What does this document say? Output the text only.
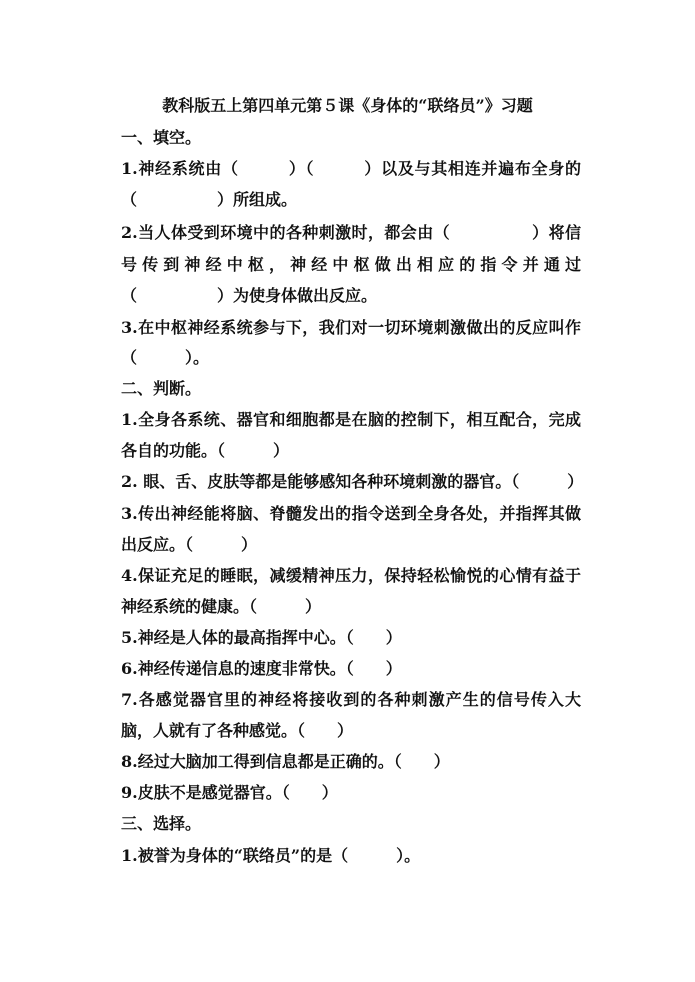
教科版五上第四单元第５课《身体的“联络员”》习题
一、填空。
1.神经系统由（　　　）（　　　）以及与其相连并遍布全身的
（　　　　　）所组成。
2.当人体受到环境中的各种刺激时，都会由（　　　　　）将信
号传到神经中枢，神经中枢做出相应的指令并通过
（　　　　　）为使身体做出反应。
3.在中枢神经系统参与下，我们对一切环境刺激做出的反应叫作
（　　　）。
二、判断。
1.全身各系统、器官和细胞都是在脑的控制下，相互配合，完成
各自的功能。（　　　）
2. 眼、舌、皮肤等都是能够感知各种环境刺激的器官。（　　　）
3.传出神经能将脑、脊髓发出的指令送到全身各处，并指挥其做
出反应。（　　　）
4.保证充足的睡眠，减缓精神压力，保持轻松愉悦的心情有益于
神经系统的健康。（　　　）
5.神经是人体的最高指挥中心。（　　）
6.神经传递信息的速度非常快。（　　）
7.各感觉器官里的神经将接收到的各种刺激产生的信号传入大
脑，人就有了各种感觉。（　　）
8.经过大脑加工得到信息都是正确的。（　　）
9.皮肤不是感觉器官。（　　）
三、选择。
1.被誉为身体的“联络员”的是（　　　）。
